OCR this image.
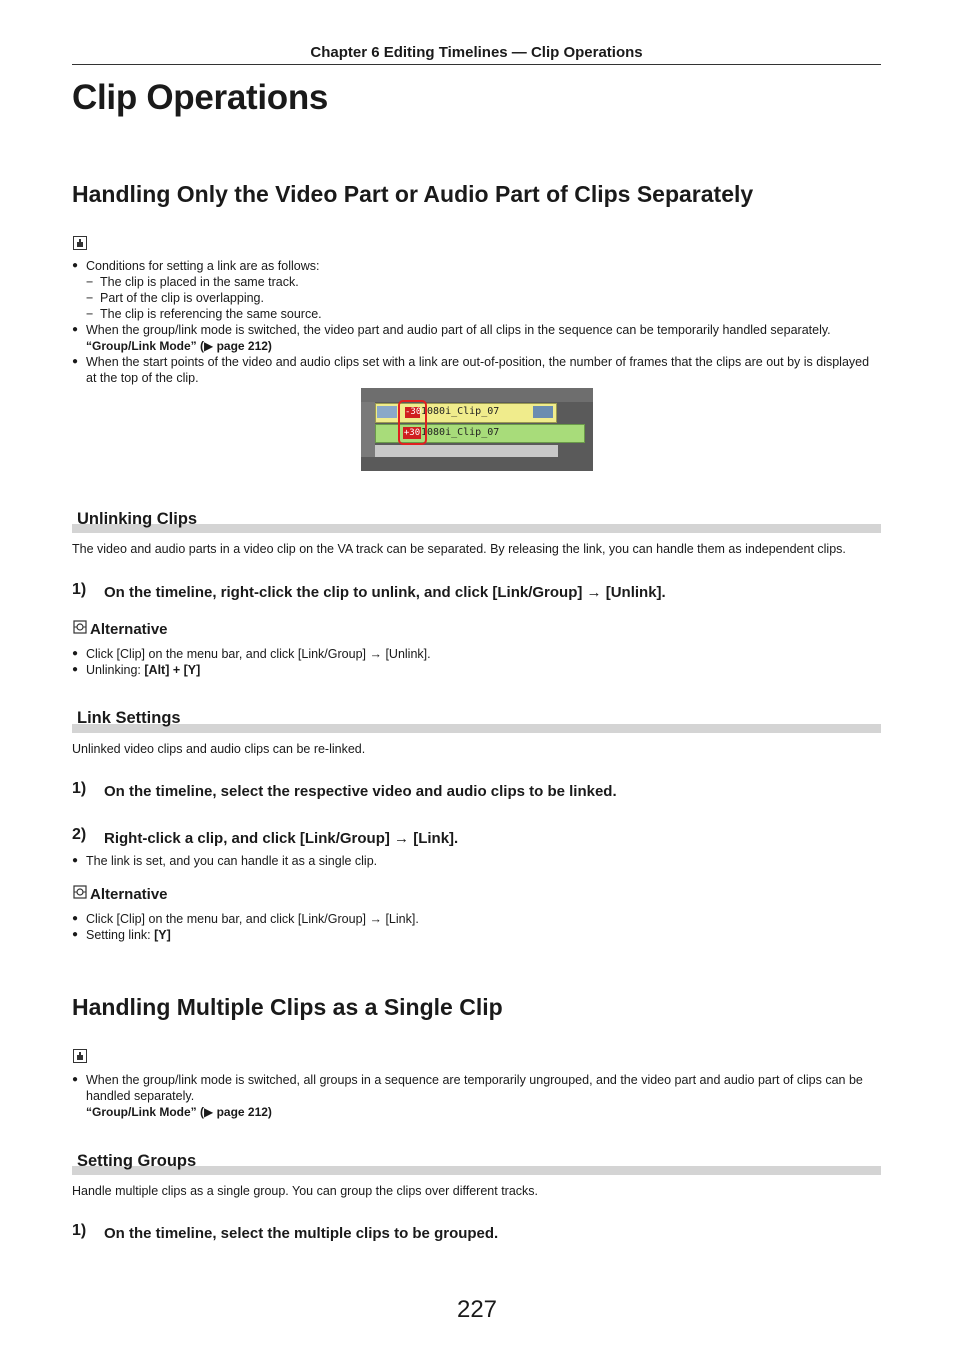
Chapter 6 Editing Timelines — Clip Operations
Clip Operations
Handling Only the Video Part or Audio Part of Clips Separately
● Conditions for setting a link are as follows:
− The clip is placed in the same track.
− Part of the clip is overlapping.
− The clip is referencing the same source.
● When the group/link mode is switched, the video part and audio part of all clips in the sequence can be temporarily handled separately.
“Group/Link Mode” (▶ page 212)
● When the start points of the video and audio clips set with a link are out-of-position, the number of frames that the clips are out by is displayed at the top of the clip.
-30 1080i_Clip_07
+30 1080i_Clip_07
Unlinking Clips
The video and audio parts in a video clip on the VA track can be separated. By releasing the link, you can handle them as independent clips.
1) On the timeline, right-click the clip to unlink, and click [Link/Group] → [Unlink].
Alternative
● Click [Clip] on the menu bar, and click [Link/Group] → [Unlink].
● Unlinking: [Alt] + [Y]
Link Settings
Unlinked video clips and audio clips can be re-linked.
1) On the timeline, select the respective video and audio clips to be linked.
2) Right-click a clip, and click [Link/Group] → [Link].
● The link is set, and you can handle it as a single clip.
Alternative
● Click [Clip] on the menu bar, and click [Link/Group] → [Link].
● Setting link: [Y]
Handling Multiple Clips as a Single Clip
● When the group/link mode is switched, all groups in a sequence are temporarily ungrouped, and the video part and audio part of clips can be handled separately.
“Group/Link Mode” (▶ page 212)
Setting Groups
Handle multiple clips as a single group. You can group the clips over different tracks.
1) On the timeline, select the multiple clips to be grouped.
227
